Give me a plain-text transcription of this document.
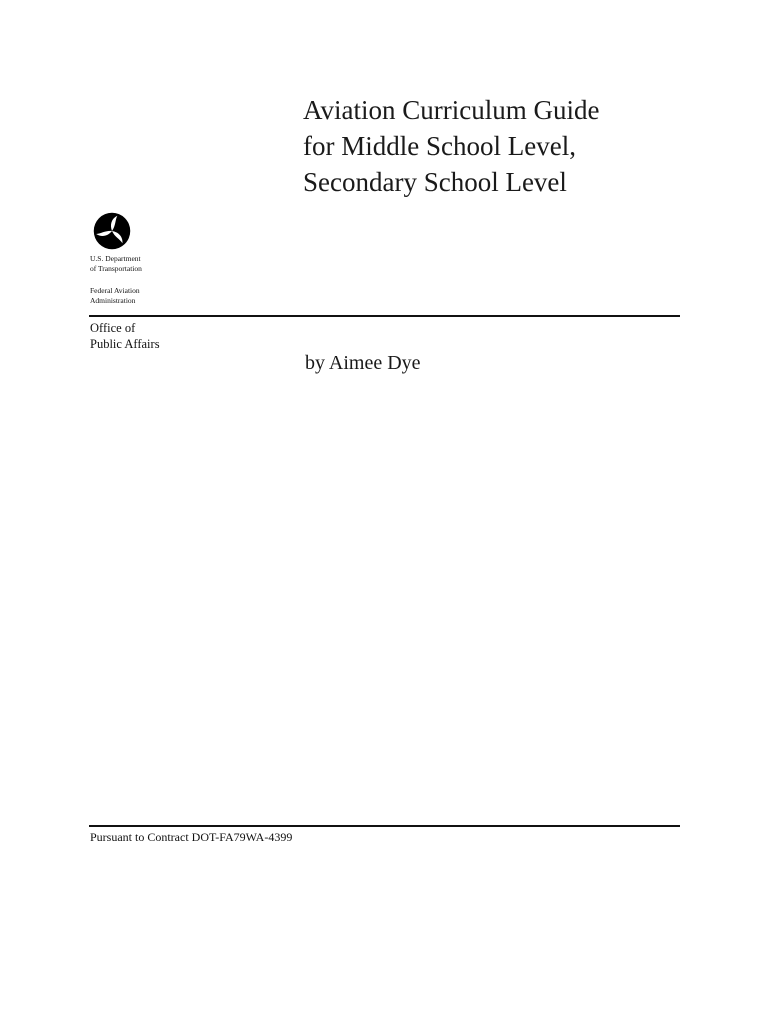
Aviation Curriculum Guide
for Middle School Level,
Secondary School Level
U.S. Department
of Transportation
Federal Aviation
Administration
Office of
Public Affairs
by Aimee Dye
Pursuant to Contract DOT-FA79WA-4399
